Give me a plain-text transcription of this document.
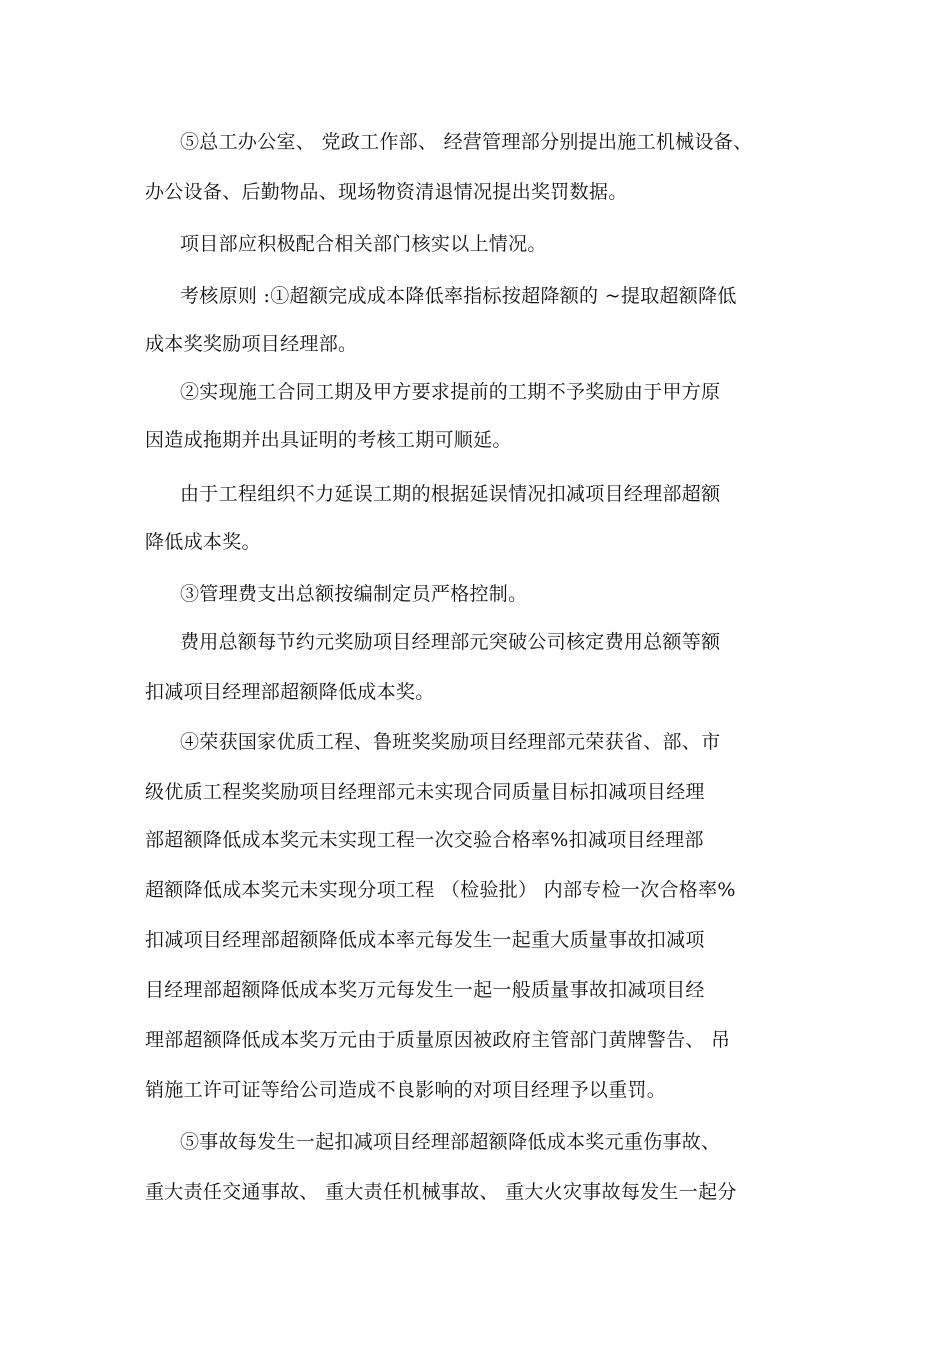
⑤总工办公室、 党政工作部、 经营管理部分别提出施工机械设备、
办公设备、后勤物品、现场物资清退情况提出奖罚数据。
项目部应积极配合相关部门核实以上情况。
考核原则 :①超额完成成本降低率指标按超降额的 ~提取超额降低
成本奖奖励项目经理部。
②实现施工合同工期及甲方要求提前的工期不予奖励由于甲方原
因造成拖期并出具证明的考核工期可顺延。
由于工程组织不力延误工期的根据延误情况扣减项目经理部超额
降低成本奖。
③管理费支出总额按编制定员严格控制。
费用总额每节约元奖励项目经理部元突破公司核定费用总额等额
扣减项目经理部超额降低成本奖。
④荣获国家优质工程、鲁班奖奖励项目经理部元荣获省、部、市
级优质工程奖奖励项目经理部元未实现合同质量目标扣减项目经理
部超额降低成本奖元未实现工程一次交验合格率%扣减项目经理部
超额降低成本奖元未实现分项工程 （检验批） 内部专检一次合格率%
扣减项目经理部超额降低成本率元每发生一起重大质量事故扣减项
目经理部超额降低成本奖万元每发生一起一般质量事故扣减项目经
理部超额降低成本奖万元由于质量原因被政府主管部门黄牌警告、 吊
销施工许可证等给公司造成不良影响的对项目经理予以重罚。
⑤事故每发生一起扣减项目经理部超额降低成本奖元重伤事故、
重大责任交通事故、 重大责任机械事故、 重大火灾事故每发生一起分
